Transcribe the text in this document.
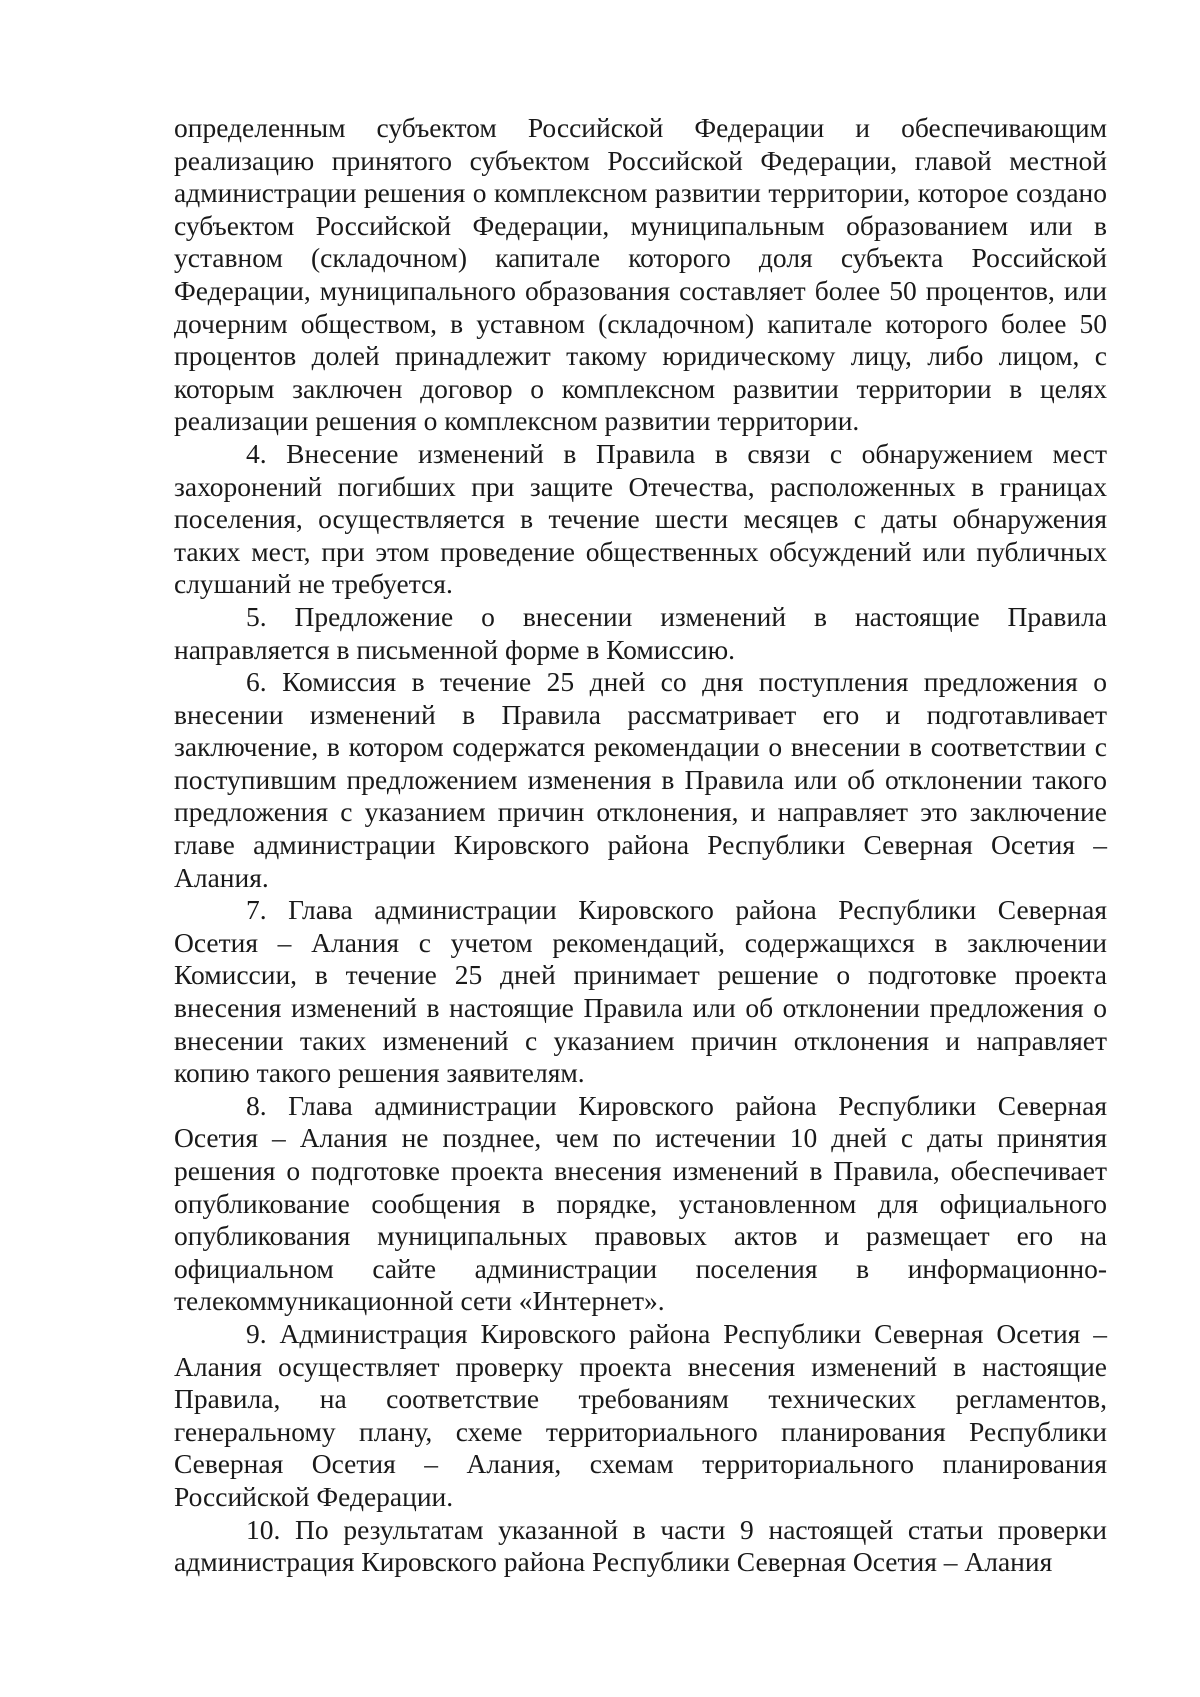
определенным субъектом Российской Федерации и обеспечивающим реализацию принятого субъектом Российской Федерации, главой местной администрации решения о комплексном развитии территории, которое создано субъектом Российской Федерации, муниципальным образованием или в уставном (складочном) капитале которого доля субъекта Российской Федерации, муниципального образования составляет более 50 процентов, или дочерним обществом, в уставном (складочном) капитале которого более 50 процентов долей принадлежит такому юридическому лицу, либо лицом, с которым заключен договор о комплексном развитии территории в целях реализации решения о комплексном развитии территории.

4. Внесение изменений в Правила в связи с обнаружением мест захоронений погибших при защите Отечества, расположенных в границах поселения, осуществляется в течение шести месяцев с даты обнаружения таких мест, при этом проведение общественных обсуждений или публичных слушаний не требуется.

5. Предложение о внесении изменений в настоящие Правила направляется в письменной форме в Комиссию.

6. Комиссия в течение 25 дней со дня поступления предложения о внесении изменений в Правила рассматривает его и подготавливает заключение, в котором содержатся рекомендации о внесении в соответствии с поступившим предложением изменения в Правила или об отклонении такого предложения с указанием причин отклонения, и направляет это заключение главе администрации Кировского района Республики Северная Осетия – Алания.

7. Глава администрации Кировского района Республики Северная Осетия – Алания с учетом рекомендаций, содержащихся в заключении Комиссии, в течение 25 дней принимает решение о подготовке проекта внесения изменений в настоящие Правила или об отклонении предложения о внесении таких изменений с указанием причин отклонения и направляет копию такого решения заявителям.

8. Глава администрации Кировского района Республики Северная Осетия – Алания не позднее, чем по истечении 10 дней с даты принятия решения о подготовке проекта внесения изменений в Правила, обеспечивает опубликование сообщения в порядке, установленном для официального опубликования муниципальных правовых актов и размещает его на официальном сайте администрации поселения в информационно-телекоммуникационной сети «Интернет».

9. Администрация Кировского района Республики Северная Осетия – Алания осуществляет проверку проекта внесения изменений в настоящие Правила, на соответствие требованиям технических регламентов, генеральному плану, схеме территориального планирования Республики Северная Осетия – Алания, схемам территориального планирования Российской Федерации.

10. По результатам указанной в части 9 настоящей статьи проверки администрация Кировского района Республики Северная Осетия – Алания
